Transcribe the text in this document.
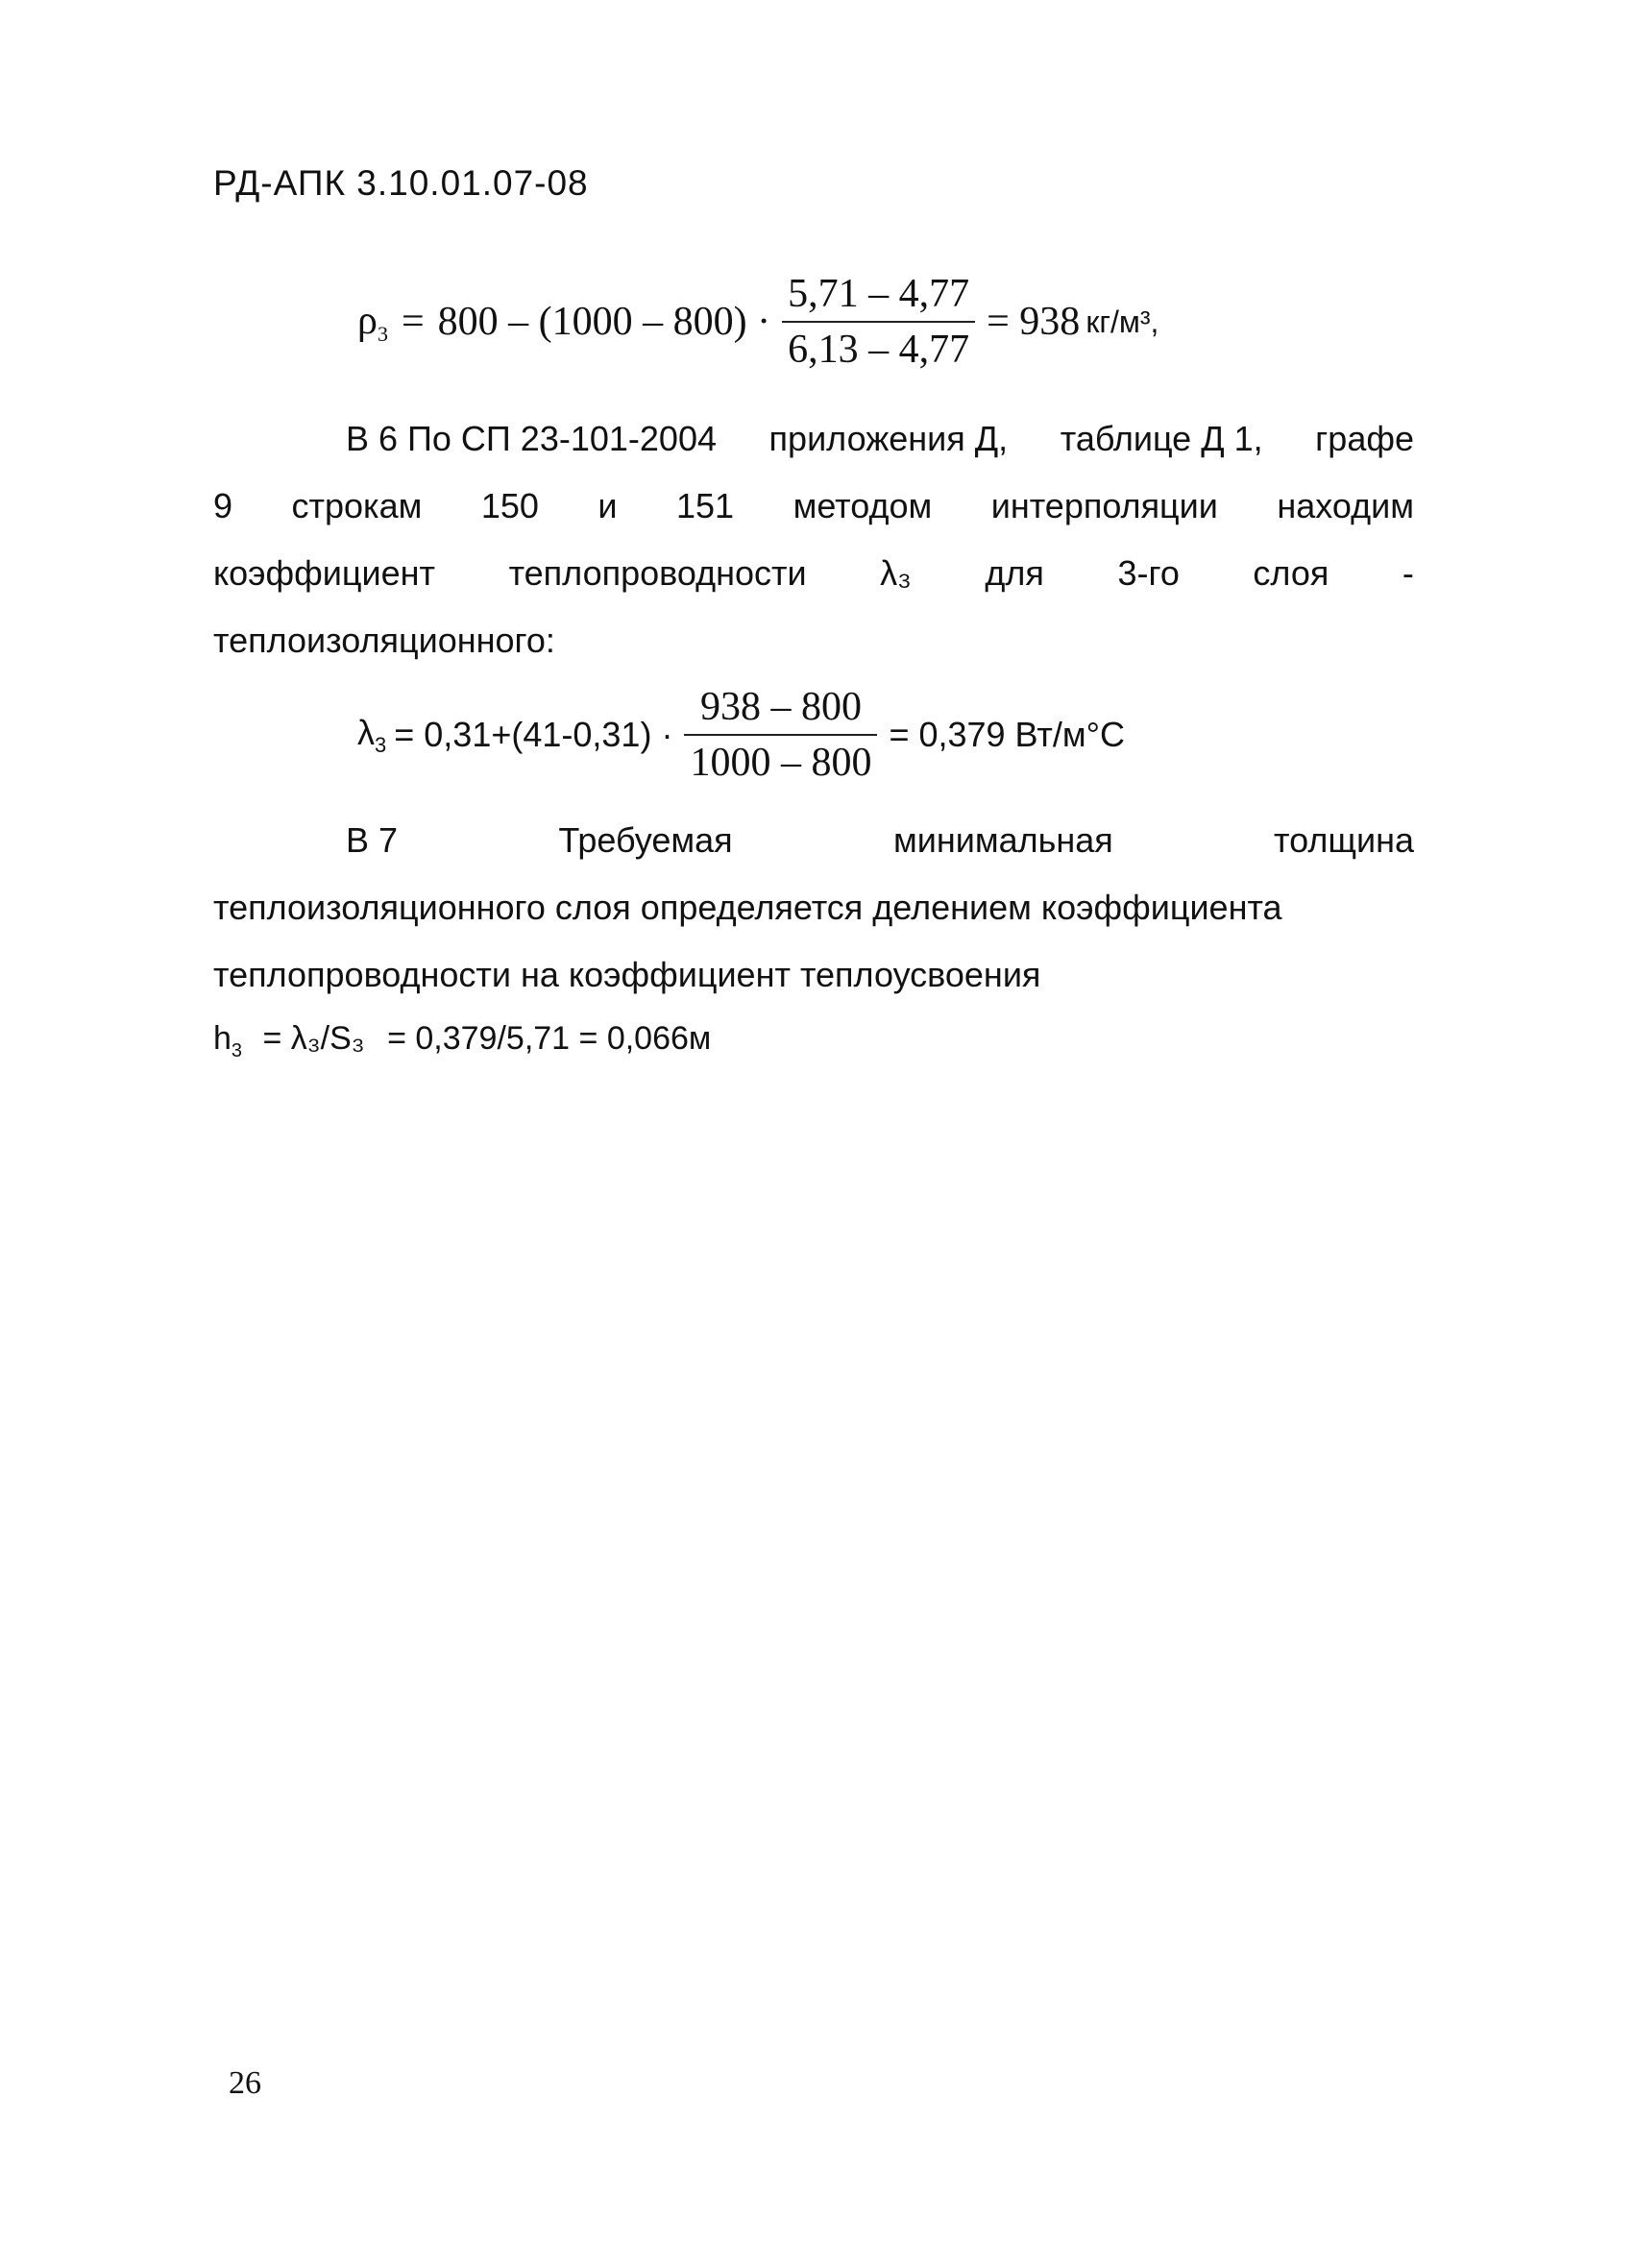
РД-АПК 3.10.01.07-08
$\rho_3 = 800 - (1000 - 800) \cdot \frac{5,71 - 4,77}{6,13 - 4,77} = 938$ кг/м³,
В 6 По СП 23-101-2004 приложения Д, таблице Д 1, графе
9 строкам 150 и 151 методом интерполяции находим
коэффициент теплопроводности λ₃ для 3-го слоя -
теплоизоляционного:
$\lambda_3 = 0,31+(41-0,31) \cdot \frac{938 - 800}{1000 - 800} = 0,379$ Вт/м°С
В 7	Требуемая	минимальная	толщина
теплоизоляционного слоя определяется делением коэффициента
теплопроводности на коэффициент теплоусвоения
$h_3 = \lambda_3/S_3 = 0,379/5,71 = 0,066м$
26
